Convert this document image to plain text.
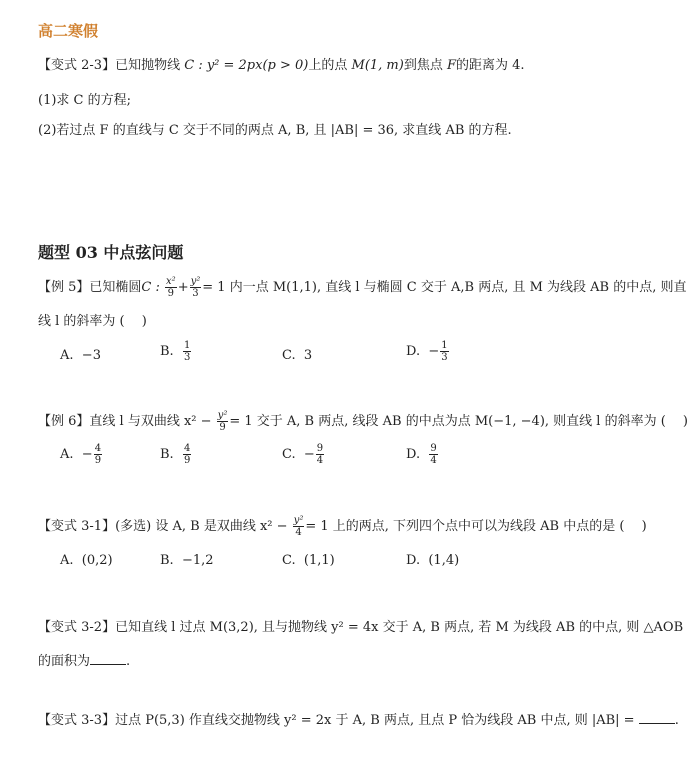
高二寒假
【变式 2-3】已知抛物线 C : y² = 2px(p > 0)上的点 M(1, m)到焦点 F的距离为 4.
(1)求 C 的方程;
(2)若过点 F 的直线与 C 交于不同的两点 A, B, 且 |AB| = 36, 求直线 AB 的方程.
题型 03 中点弦问题
【例 5】已知椭圆C : $\frac{\text{x²}}{9} + \frac{\text{y²}}{3} = 1$ 内一点 M(1,1), 直线 l 与椭圆 C 交于 A,B 两点, 且 M 为线段 AB 的中点, 则直
线 l 的斜率为 (　 )
A. −3	B. $\frac{1}{3}$	C. 3	D. − $\frac{1}{3}$
【例 6】直线 l 与双曲线 $x^2 - \frac{\text{y²}}{9} = 1$ 交于 A, B 两点, 线段 AB 的中点为点 M(−1, −4), 则直线 l 的斜率为 (　 )
A. − $\frac{4}{9}$	B. $\frac{4}{9}$	C. − $\frac{9}{4}$	D. $\frac{9}{4}$
【变式 3-1】(多选) 设 A, B 是双曲线 $x^2 - \frac{\text{y²}}{4} = 1$ 上的两点, 下列四个点中可以为线段 AB 中点的是 (　 )
A. (0,2)	B. −1,2	C. (1,1)	D. (1,4)
【变式 3-2】已知直线 l 过点 M(3,2), 且与抛物线 y² = 4x 交于 A, B 两点, 若 M 为线段 AB 的中点, 则 △AOB
的面积为	.
【变式 3-3】过点 P(5,3) 作直线交抛物线 y² = 2x 于 A, B 两点, 且点 P 恰为线段 AB 中点, 则 |AB| =	.
